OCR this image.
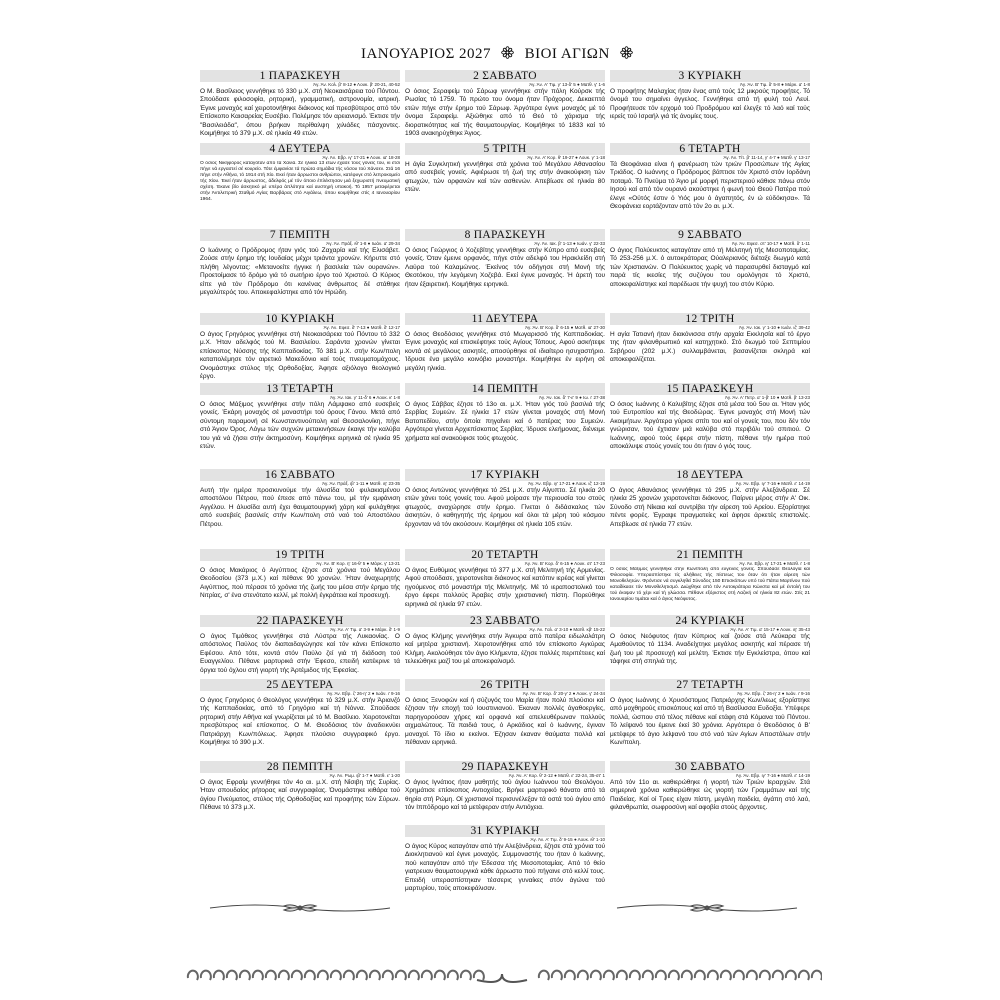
ΙΑΝΟΥΑΡΙΟΣ 2027 ΒΙΟΙ ΑΓΙΩΝ
1 ΠΑΡΑΣΚΕΥΗ
Άγ. Άν. Κολ. β' 8-12 ● Λουκ. β' 20-21, 40-52
Ο Μ. Βασίλειος γεννήθηκε τό 330 μ.Χ. στή Νεοκαισάρεια τού Πόντου. Σπούδασε φιλοσοφία, ρητορική, γραμματική, αστρονομία, ιατρική. Έγινε μοναχός καί χειροτονήθηκε διάκονος καί πρεσβύτερος από τόν Επίσκοπο Καισαρείας Ευσέβιο. Πολέμησε τόν αρειανισμό. Έκτισε τήν "Βασιλειάδα", όπου βρήκαν περίθαλψη χιλιάδες πάσχοντες. Κοιμήθηκε τό 379 μ.Χ. σέ ηλικία 49 ετών.
2 ΣΑΒΒΑΤΟ
Άγ. Άν. Α' Τιμ. γ' 13-δ' 5 ● Ματθ. γ' 1-6
Ο όσιος Σεραφείμ τού Σάρωφ γεννήθηκε στήν πόλη Κούρσκ τής Ρωσίας τό 1759. Τό πρώτο του όνομα ήταν Πρόχορος. Δεκαεπτά ετών πήγε στήν έρημο τού Σάρωφ. Άργότερα έγινε μοναχός μέ τό όνομα Σεραφείμ. Αξιώθηκε από τό Θεό τό χάρισμα τής διορατικότητας καί τής θαυματουργίας. Κοιμήθηκε τό 1833 καί τό 1903 ανακηρύχθηκε Άγιος.
3 ΚΥΡΙΑΚΗ
Άγ. Άν. Β' Τιμ. δ' 5-8 ● Μάρκ. α' 1-8
Ο προφήτης Μαλαχίας ήταν ένας από τούς 12 μικρούς προφήτες. Τό όνομά του σημαίνει άγγελος. Γεννήθηκε από τή φυλή τού Λευί. Προφήτευσε τόν ερχομό τού Προδρόμου καί έλεγξε τό λαό καί τούς ιερείς τού Ισραήλ γιά τίς άνομίες τους.
4 ΔΕΥΤΕΡΑ
Άγ. Άν. Εβρ. ιγ' 17-21 ● Λουκ. ια' 18-28
Ο όσιος Νικηφόρος καταγόταν από τά Χανιά. Σέ ηλικία 13 ετών έχασε τούς γονείς του, κι έτσι πήγε νά εργαστεί σέ κουρείο. Τότε έμφανίσε τά πρώτα σημάδια τής νόσου τού Χάνσεν. Στά 16 πήγε στήν Αθήνα, τό 1914 στή Χίο. Εκεί ήταν άρρωστοι ανθρώποι, κατέφυγε στό λεπροκομείο τής Χίου. Έκεί ήταν άρρωστος, άδελφός μέ τόν όποιο έπλέκτησαν μιά ξεχωριστή πνευματική σχέση. Έκανε βίο άσκητικό μέ υπέρα άπλότητα καί αυστηρή υπακοή. Τό 1957 μεταφέρεται στήν Άντιλεπρική Σταθμό Αγίας Βαρβάρας στό Αιγάλεω, όπου κοιμήθηκε στίς 4 Ιανουαρίου 1964.
5 ΤΡΙΤΗ
Άγ. Άν. Α' Κορ. θ' 19-27 ● Λουκ. γ' 1-18
Η άγία Συγκλητική γεννήθηκε στά χρόνια τού Μεγάλου Αθανασίου από ευσεβείς γονείς. Αφιέρωσε τή ζωή της στήν άνακούφιση τών φτωχών, τών ορφανών καί τών ασθενών. Απεβίωσε σέ ηλικία 80 ετών.
6 ΤΕΤΑΡΤΗ
Άγ. Άν. Τίτ. β' 11-14, γ' 4-7 ● Ματθ. γ' 13-17
Τά Θεοφάνεια είναι ή φανέρωση τών τριών Προσώπων τής Αγίας Τριάδος. Ο Ιωάννης ο Πρόδρομος βάπτισε τόν Χριστό στόν Ιορδάνη ποταμό. Τό Πνεύμα τό Άγιο μέ μορφή περιστεριού κάθισε πάνω στόν Ιησού καί από τόν ουρανό ακούστηκε ή φωνή τού Θεού Πατέρα πού έλεγε «Ούτός έστιν ό Υιός μου ό άγαπητός, έν ώ εύδόκησα». Τά Θεοφάνεια εορτάζονταν από τόν 2ο αι. μ.Χ.
7 ΠΕΜΠΤΗ
Άγ. Άν. Πράξ. ιθ' 1-8 ● Ιωάν. α' 29-34
Ο Ιωάννης ο Πρόδρομος ήταν γιός τού Ζαχαρία καί τής Ελισάβετ. Ζούσε στήν έρημο τής Ιουδαίας μέχρι τριάντα χρονών. Κήρυττε στό πλήθη λέγοντας: «Μετανοείτε ήγγικε ή βασιλεία τών ουρανών». Προετοίμασε τό δρόμο γιά τό σωτήριο έργο τού Χριστού. Ο Κύριος είπε γιά τόν Πρόδρομο ότι κανένας άνθρωπος δέ στάθηκε μεγαλύτερός του. Αποκεφαλίστηκε από τόν Ηρώδη.
8 ΠΑΡΑΣΚΕΥΗ
Άγ. Άν. Ιακ. β' 1-13 ● Ιωάν. γ' 22-33
Ο όσιος Γεώργιος ό Χοζεβίτης γεννήθηκε στήν Κύπρο από ευσεβείς γονείς. Όταν έμεινε ορφανός, πήγε στόν αδελφό του Ηρακλείδη στή Λαύρα τού Καλαμώνος. Έκείνος τόν οδήγησε στή Μονή τής Θεοτόκου, τήν λεγόμενη Χοζεβά. Εκεί έγινε μοναχός. Ή άρετή του ήταν έξαιρετική. Κοιμήθηκε ειρηνικά.
9 ΣΑΒΒΑΤΟ
Άγ. Άν. Εφεσ. στ' 10-17 ● Ματθ. δ' 1-11
Ο άγιος Πολύευκτος καταγόταν από τή Μελιτηνή τής Μεσοποταμίας. Τό 253-256 μ.Χ. ό αυτοκράτορας Ούαλεριανός διέταξε διωγμό κατά τών Χριστιανών. Ο Πολύευκτος χωρίς νά παρασυρθεί δισταγμό καί παρά τίς ικεσίες τής συζύγου του ομολόγησε τό Χριστό, αποκεφαλίστηκε καί παρέδωσε τήν ψυχή του στόν Κύριο.
10 ΚΥΡΙΑΚΗ
Άγ. Άν. Εφεσ. δ' 7-13 ● Ματθ. δ' 12-17
Ο άγιος Γρηγόριος γεννήθηκε στή Νεοκαισάρεια τού Πόντου τό 332 μ.Χ. Ήταν αδελφός τού Μ. Βασιλείου. Σαράντα χρονών γίνεται επίσκοπος Νύσσης τής Καππαδοκίας. Τό 381 μ.Χ. στήν Κων/πολη καταπολέμησε τόν αιρετικό Μακεδόνιο καί τούς πνευματομάχους. Ονομάστηκε στύλος τής Ορθοδοξίας. Άφησε αξιόλογο θεολογικό έργο.
11 ΔΕΥΤΕΡΑ
Άγ. Άν. Β' Κορ. δ' 6-15 ● Ματθ. ια' 27-30
Ο όσιος Θεοδόσιος γεννήθηκε στό Μωγαρισσό τής Καππαδοκίας. Έγινε μοναχός καί επισκέφτηκε τούς Αγίους Τόπους. Αφού ασκήτεψε κοντά σέ μεγάλους ασκητές, αποσύρθηκε σέ ιδιαίτερο ησυχαστήριο. Ίδρυσε ένα μεγάλο κοινόβιο μοναστήρι. Κοιμήθηκε έν ειρήνη σέ μεγάλη ηλικία.
12 ΤΡΙΤΗ
Άγ. Άν. Ιακ. γ' 1-10 ● Ιωάν. ιζ' 39-42
Η αγία Τατιανή ήταν διακόνισσα στήν αρχαία Εκκλησία καί τό έργο της ήταν φιλανθρωπικό καί κατηχητικό. Στό διωγμό τού Σεπτιμίου Σεβήρου (202 μ.Χ.) συλλαμβάνεται, βασανίζεται σκληρά καί αποκεφαλίζεται.
13 ΤΕΤΑΡΤΗ
Άγ. Άν. Ιακ. γ' 11-δ' 6 ● Λουκ. κ' 1-8
Ο όσιος Μάξιμος γεννήθηκε στήν πόλη Λάμψακο από ευσεβείς γονείς. Έκάρη μοναχός σέ μοναστήρι τού όρους Γάνου. Μετά από σύντομη παραμονή σέ Κωνσταντινούπολη καί Θεσσαλονίκη, πήγε στό Άγιον Όρος. Λόγω τών συχνών μετακινήσεων έκαιγε τήν καλύβα του γιά νά ζήσει στήν άκτημοσύνη. Κοιμήθηκε ειρηνικά σέ ηλικία 95 ετών.
14 ΠΕΜΠΤΗ
Άγ. Άν. Ιακ. δ' 7-ε' 9 ● Ιω. ι' 27-38
Ο άγιος Σάββας έζησε τό 13ο αι. μ.Χ. Ήταν γιός τού βασιλιά τής Σερβίας Συμεών. Σέ ηλικία 17 ετών γίνεται μοναχός στή Μονή Βατοπεδίου, στήν όποία πηγαίνει καί ό πατέρας του Συμεών. Αργότερα γίνεται Αρχιεπίσκοπος Σερβίας. Ίδρυσε ελεήμονας, διένειμε χρήματα καί ανακούφισε τούς φτωχούς.
15 ΠΑΡΑΣΚΕΥΗ
Άγ. Άν. Α' Πετρ. α' 1-β' 10 ● Ματθ. β' 13-23
Ο όσιος Ιωάννης ό Καλυβίτης έζησε στά μέσα τού 5ου αι. Ήταν γιός τού Ευτροπίου καί τής Θεοδώρας. Έγινε μοναχός στή Μονή τών Ακοιμήτων. Άργότερα γύρισε σπίτι του καί οί γονείς του, που δέν τόν γνώρισαν, τού έχτισαν μιά καλύβα στό περιβόλι τού σπιτιού. Ο Ιωάννης, αφού τούς έφερε στήν πίστη, πέθανε τήν ημέρα πού αποκάλυψε στούς γονείς του ότι ήταν ό γιός τους.
16 ΣΑΒΒΑΤΟ
Άγ. Άν. Πράξ. ιβ' 1-11 ● Ματθ. ιη' 23-35
Αυτή τήν ημέρα προσκυνούμε τήν άλυσίδα τού φυλακισμένου αποστόλου Πέτρου, πού έπεσε από πάνω του, μέ τήν εμφάνιση Αγγέλου. Η άλυσίδα αυτή έχει θαυματουργική χάρη καί φυλάχθηκε από ευσεβείς βασιλείς στήν Κων/πολη στό ναό τού Αποστόλου Πέτρου.
17 ΚΥΡΙΑΚΗ
Άγ. Άν. Εβρ. ιγ' 17-21 ● Λουκ. ιζ' 12-19
Ο όσιος Αντώνιος γεννήθηκε τό 251 μ.Χ. στήν Αίγυπτο. Σέ ηλικία 20 ετών χάνει τούς γονείς του. Αφού μοίρασε τήν περιουσία του στούς φτωχούς, αναχώρησε στήν έρημο. Γίνεται ό διδάσκαλος τών άσκητών, ό καθηγητής τής έρημου καί όλοι τά μέρη τού κόσμου έρχονταν νά τόν ακούσουν. Κοιμήθηκε σέ ηλικία 105 ετών.
18 ΔΕΥΤΕΡΑ
Άγ. Άν. Εβρ. ιγ' 7-16 ● Ματθ. ε' 14-19
Ο άγιος Αθανάσιος γεννήθηκε τό 295 μ.Χ. στήν Αλεξάνδρεια. Σέ ηλικία 25 χρονών χειροτονείται διάκονος. Παίρνει μέρος στήν Α' Οικ. Σύνοδο στή Νίκαια καί συντρίβει τήν αίρεση τού Αρείου. Εξορίστηκε πέντε φορές. Έγραψε πραγματείες καί άφησε άρκετές επιστολές. Απεβίωσε σέ ηλικία 77 ετών.
19 ΤΡΙΤΗ
Άγ. Άν. Β' Κορ. η' 16-θ' 5 ● Μάρκ. γ' 13-21
Ο όσιος Μακάριος ό Αιγύπτιος έζησε στά χρόνια τού Μεγάλου Θεοδοσίου (373 μ.Χ.) καί πέθανε 90 χρονών. Ήταν άναχωρητής Αιγύπτιος, πού πέρασε τό χρόνια τής ζωής του μέσα στήν έρημο τής Νιτρίας, σ' ένα στενότατο κελλί, μέ πολλή έγκράτεια καί προσευχή.
20 ΤΕΤΑΡΤΗ
Άγ. Άν. Β' Κορ. δ' 6-15 ● Λουκ. στ' 17-23
Ο άγιος Ευθύμιος γεννήθηκε τό 377 μ.Χ. στή Μελιτηνή τής Αρμενίας. Αφού σπούδασε, χειροτονείται διάκονος καί κατόπιν ιερέας καί γίνεται ηγούμενος στό μοναστήρι τής Μελιτηνής. Μέ τό ιεραποστολικό του έργο έφερε πολλούς Άραβες στήν χριστιανική πίστη. Πορεύθηκε ειρηνικά σέ ηλικία 97 ετών.
21 ΠΕΜΠΤΗ
Άγ. Άν. Εβρ. ιγ' 17-21 ● Ματθ. ι' 1-8
Ο όσιος Μάξιμος γεννήθηκε στήν Κων/πολη από ευγενείς γονείς. Σπούδασε Θεολογία καί Φιλοσοφία. Υπερασπίστηκε τίς αλήθειες τής πίστεως του όταν ότι ήταν αίρεση τών Μονοθελητών. Φρόντισε νά συγκληθεί Σύνοδος 150 Επισκόπων υπό τού Πάπα Μαρτίνου πού καταδίκασε τόν Μονοθελητισμό. Διώχθηκε από τόν Αυτοκράτορα Κώνστα καί μέ έντολή του τού έκοψαν τό χέρι καί τή γλώσσα. Πέθανε εξόριστος στή Λαζική σέ ηλικία 82 ετών. Στίς 21 Ιανουαρίου τιμάται καί ό άγιος Νεόφυτος.
22 ΠΑΡΑΣΚΕΥΗ
Άγ. Άν. Α' Τιμ. α' 3-9 ● Μάρκ. δ' 1-9
Ο άγιος Τιμόθεος γεννήθηκε στά Λύστρα τής Λυκαονίας. Ο απόστολος Παύλος τόν διαπαιδαγώγησε καί τόν κάνει Επίσκοπο Εφέσου. Από τότε, κοντά στόν Παύλο ζεί γιά τή διάδοση τού Ευαγγελίου. Πέθανε μαρτυρικά στήν Έφεσο, επειδή κατέκρινε τά όργια τού όχλου στή γιορτή τής Άρτέμιδος τής Έφεσίας.
23 ΣΑΒΒΑΤΟ
Άγ. Άν. Γαλ. α' 3-10 ● Ματθ. κβ' 15-22
Ο άγιος Κλήμης γεννήθηκε στήν Άγκυρα από πατέρα ειδωλολάτρη καί μητέρα χριστιανή. Χειροτονήθηκε από τόν επίσκοπο Αγκύρας Κλήμη. Ακολούθησε τόν άγιο Κλήμεντα, έζησε πολλές περιπέτειες καί τελειώθηκε μαζί του μέ αποκεφαλισμό.
24 ΚΥΡΙΑΚΗ
Άγ. Άν. Α' Τιμ. α' 15-17 ● Λουκ. ιη' 35-43
Ο όσιος Νεόφυτος ήταν Κύπριος καί ζούσε στά Λεύκαρα τής Αμαθούντος τό 1134. Αναδείχτηκε μεγάλος ασκητής καί πέρασε τή ζωή του μέ προσευχή καί μελέτη. Έκτισε τήν Εγκλείστρα, όπου καί τάφηκε στή σπηλιά της.
25 ΔΕΥΤΕΡΑ
Άγ. Άν. Εβρ. ζ' 26-η' 2 ● Ιωάν. ι' 9-16
Ο άγιος Γρηγόριος ό Θεολόγος γεννήθηκε τό 329 μ.Χ. στήν Άριανζό τής Καππαδοκίας, από τό Γρηγόριο καί τή Νόννα. Σπούδασε ρητορική στήν Αθήνα καί γνωρίζεται μέ τό Μ. Βασίλειο. Χειροτονείται πρεσβύτερος καί επίσκοπος. Ο Μ. Θεοδόσιος τόν άναδεικνύει Πατριάρχη Κων/πόλεως. Άφησε πλούσιο συγγραφικό έργο. Κοιμήθηκε τό 390 μ.Χ.
26 ΤΡΙΤΗ
Άγ. Άν. Β' Κορ. δ' 20-γ' 2 ● Λουκ. γ' 24-34
Ο όσιος Ξενοφών καί ή σύζυγός του Μαρία ήταν πολύ πλούσιοι καί έζησαν τήν εποχή τού Ιουστινιανού. Έκαναν πολλές άγαθοεργίες, παρηγορούσαν χήρες καί ορφανά καί απελευθέρωναν πολλούς αιχμαλώτους. Τά παιδιά τους, ό Αρκάδιος καί ό Ιωάννης, έγιναν μοναχοί. Τό ίδιο κι εκείνοι. Έζησαν έκαναν θαύματα πολλά καί πέθαναν ειρηνικά.
27 ΤΕΤΑΡΤΗ
Άγ. Άν. Εβρ. ζ' 26-η' 2 ● Ιωάν. ι' 9-16
Ο άγιος Ιωάννης ό Χρυσόστομος Πατριάρχης Κων/λεως εξορίστηκε από μοχθηρούς επισκόπους καί από τή Βασίλισσα Ευδοξία. Υπέφερε πολλά, ώσπου στό τέλος πέθανε καί ετάφη στά Κόμανα τού Πόντου. Τό λείψανό του έμεινε έκεί 30 χρόνια. Αργότερα ό Θεοδόσιος ό Β' μετέφερε τό άγιο λείψανό του στό ναό τών Αγίων Αποστόλων στήν Κων/πολη.
28 ΠΕΜΠΤΗ
Άγ. Άν. Ρωμ. ιβ' 1-7 ● Ματθ. ε' 1-20
Ο άγιος Εφραίμ γεννήθηκε τόν 4ο αι. μ.Χ. στή Νίσιβη τής Συρίας. Ήταν σπουδαίος ρήτορας καί συγγραφέας. Όνομάστηκε κιθάρα τού άγίου Πνεύματος, στύλος τής Ορθοδοξίας καί προφήτης τών Σύρων. Πέθανε τό 373 μ.Χ.
29 ΠΑΡΑΣΚΕΥΗ
Άγ. Άν. Α' Κορ. θ' 2-12 ● Ματθ. ε' 22-24, 35-στ' 1
Ο άγιος Ιγνάτιος ήταν μαθητής τού άγίου Ιωάννου τού Θεολόγου. Χρημάτισε επίσκοπος Αντιοχείας. Βρήκε μαρτυρικό θάνατο από τά θηρία στή Ρώμη. Οί χριστιανοί περισυνέλεξαν τά οστά τού άγίου από τόν Ιππόδρομο καί τά μετέφεραν στήν Αντιόχεια.
30 ΣΑΒΒΑΤΟ
Άγ. Άν. Εβρ. ιγ' 7-16 ● Ματθ. ε' 14-19
Από τόν 11ο αι. καθιερώθηκε ή γιορτή τών Τριών Ιεραρχών. Στά σημερινά χρόνια καθιερώθηκε ώς γιορτή τών Γραμμάτων καί τής Παιδείας. Καί οί Τρεις είχαν πίστη, μεγάλη παιδεία, άγάπη στό λαό, φιλανθρωπία, σωφροσύνη καί αφοβία στούς άρχοντες.
31 ΚΥΡΙΑΚΗ
Άγ. Άν. Α' Τιμ. δ' 9-15 ● Λουκ. ιθ' 1-10
Ο άγιος Κύρος καταγόταν από τήν Αλεξάνδρεια, έζησε στά χρόνια τού Διοκλητιανού καί έγινε μοναχός. Συμμοναστής του ήταν ό Ιωάννης, πού καταγόταν από τήν Έδεσσα τής Μεσοποταμίας. Από τό θείο γιατρευαν θαυματουργικά κάθε άρρωστο πού πήγαινε στό κελλί τους. Επειδή υπερασπίστηκαν τέσσερις γυναίκες στόν άγώνα τού μαρτυρίου, τούς αποκεφάλισαν.
